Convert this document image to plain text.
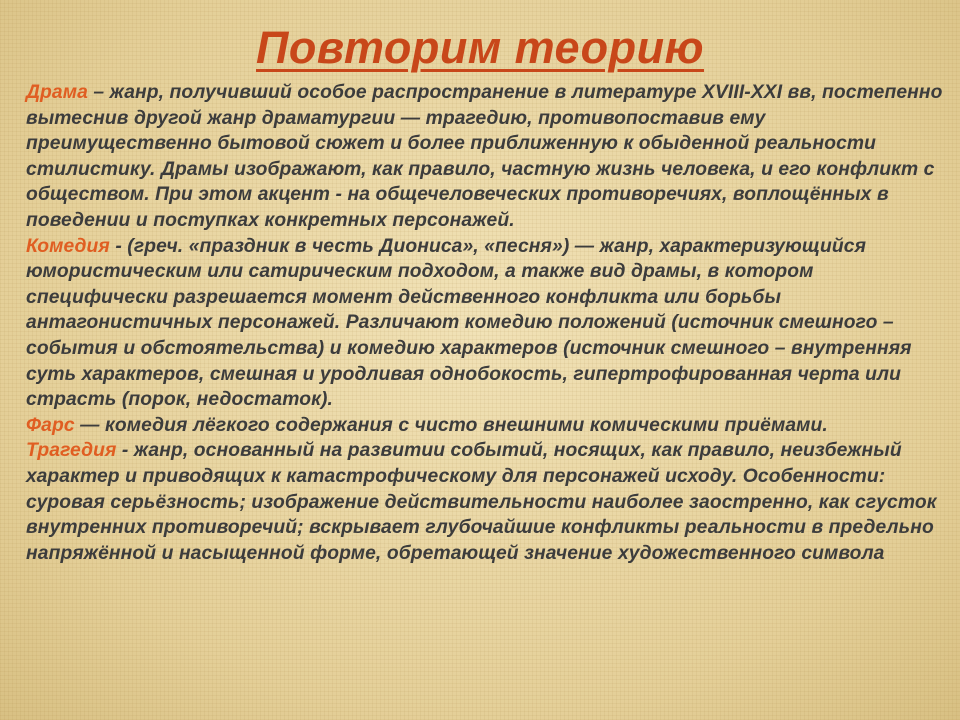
Повторим теорию

Драма – жанр, получивший особое распространение в литературе XVIII-XXI вв, постепенно вытеснив другой жанр драматургии — трагедию, противопоставив ему преимущественно бытовой сюжет и более приближенную к обыденной реальности стилистику. Драмы изображают, как правило, частную жизнь человека, и его конфликт с обществом. При этом акцент - на общечеловеческих противоречиях, воплощённых в поведении и поступках конкретных персонажей.

Комедия - (греч. «праздник в честь Диониса», «песня») — жанр, характеризующийся юмористическим или сатирическим подходом, а также вид драмы, в котором специфически разрешается момент действенного конфликта или борьбы антагонистичных персонажей. Различают комедию положений (источник смешного – события и обстоятельства) и комедию характеров (источник смешного – внутренняя суть характеров, смешная и уродливая однобокость, гипертрофированная черта или страсть (порок, недостаток).

Фарс — комедия лёгкого содержания с чисто внешними комическими приёмами.

Трагедия - жанр, основанный на развитии событий, носящих, как правило, неизбежный характер и приводящих к катастрофическому для персонажей исходу. Особенности: суровая серьёзность; изображение действительности наиболее заостренно, как сгусток внутренних противоречий; вскрывает глубочайшие конфликты реальности в предельно напряжённой и насыщенной форме, обретающей значение художественного символа
